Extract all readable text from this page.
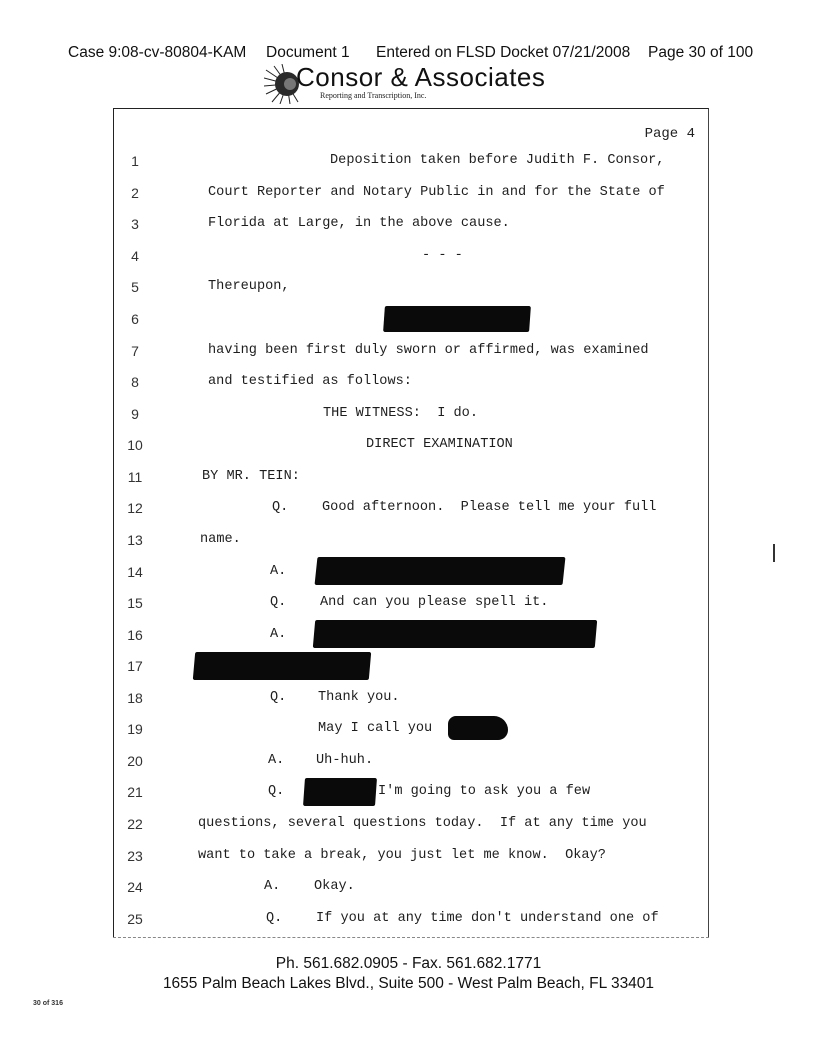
Case 9:08-cv-80804-KAM Document 1 Entered on FLSD Docket 07/21/2008 Page 30 of 100
Consor & Associates
Reporting and Transcription, Inc.
Page 4
1	Deposition taken before Judith F. Consor,
2	Court Reporter and Notary Public in and for the State of
3	Florida at Large, in the above cause.
4	- - -
5	Thereupon,
6
7	having been first duly sworn or affirmed, was examined
8	and testified as follows:
9	THE WITNESS:  I do.
10	DIRECT EXAMINATION
11	BY MR. TEIN:
12	Q. Good afternoon.  Please tell me your full
13	name.
14	A.
15	Q. And can you please spell it.
16	A.
17
18	Q. Thank you.
19	May I call you
20	A. Uh-huh.
21	Q.	I'm going to ask you a few
22	questions, several questions today.  If at any time you
23	want to take a break, you just let me know.  Okay?
24	A. Okay.
25	Q. If you at any time don't understand one of
Ph. 561.682.0905 - Fax. 561.682.1771
1655 Palm Beach Lakes Blvd., Suite 500 - West Palm Beach, FL 33401
30 of 316
